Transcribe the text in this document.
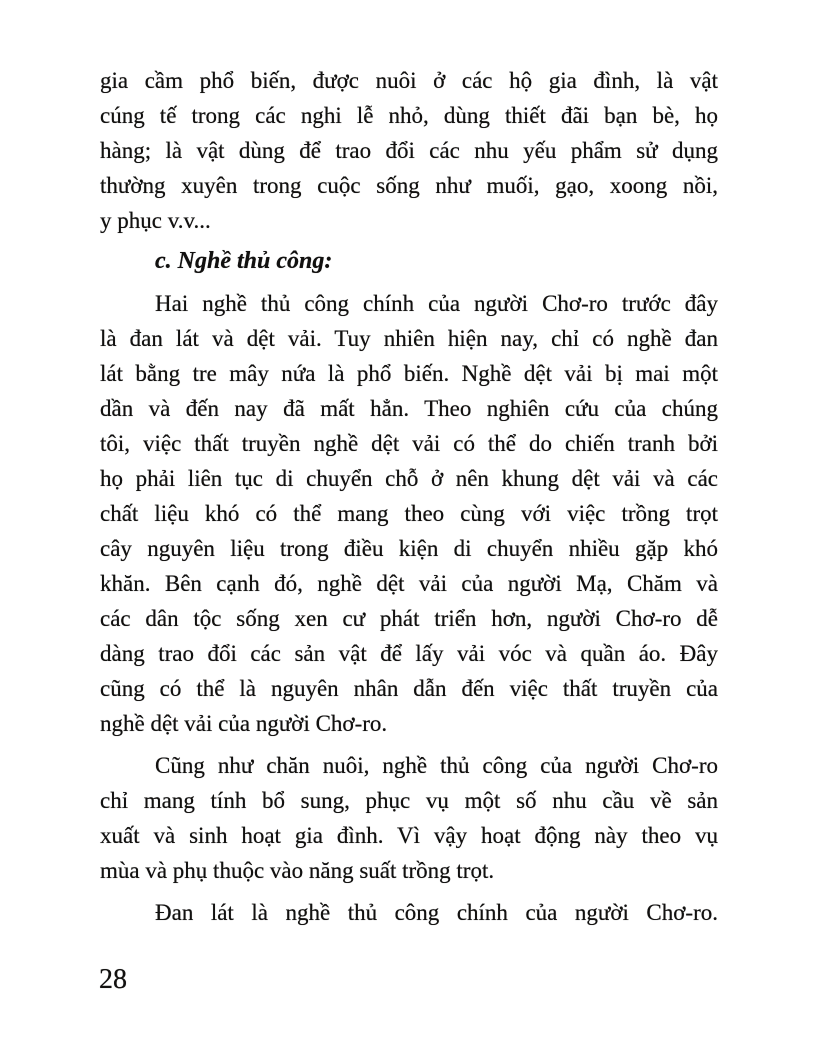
gia cầm phổ biến, được nuôi ở các hộ gia đình, là vật
cúng tế trong các nghi lễ nhỏ, dùng thiết đãi bạn bè, họ
hàng; là vật dùng để trao đổi các nhu yếu phẩm sử dụng
thường xuyên trong cuộc sống như muối, gạo, xoong nồi,
y phục v.v...

c. Nghề thủ công:

Hai nghề thủ công chính của người Chơ-ro trước đây
là đan lát và dệt vải. Tuy nhiên hiện nay, chỉ có nghề đan
lát bằng tre mây nứa là phổ biến. Nghề dệt vải bị mai một
dần và đến nay đã mất hẳn. Theo nghiên cứu của chúng
tôi, việc thất truyền nghề dệt vải có thể do chiến tranh bởi
họ phải liên tục di chuyển chỗ ở nên khung dệt vải và các
chất liệu khó có thể mang theo cùng với việc trồng trọt
cây nguyên liệu trong điều kiện di chuyển nhiều gặp khó
khăn. Bên cạnh đó, nghề dệt vải của người Mạ, Chăm và
các dân tộc sống xen cư phát triển hơn, người Chơ-ro dễ
dàng trao đổi các sản vật để lấy vải vóc và quần áo. Đây
cũng có thể là nguyên nhân dẫn đến việc thất truyền của
nghề dệt vải của người Chơ-ro.

Cũng như chăn nuôi, nghề thủ công của người Chơ-ro
chỉ mang tính bổ sung, phục vụ một số nhu cầu về sản
xuất và sinh hoạt gia đình. Vì vậy hoạt động này theo vụ
mùa và phụ thuộc vào năng suất trồng trọt.

Đan lát là nghề thủ công chính của người Chơ-ro.

28
